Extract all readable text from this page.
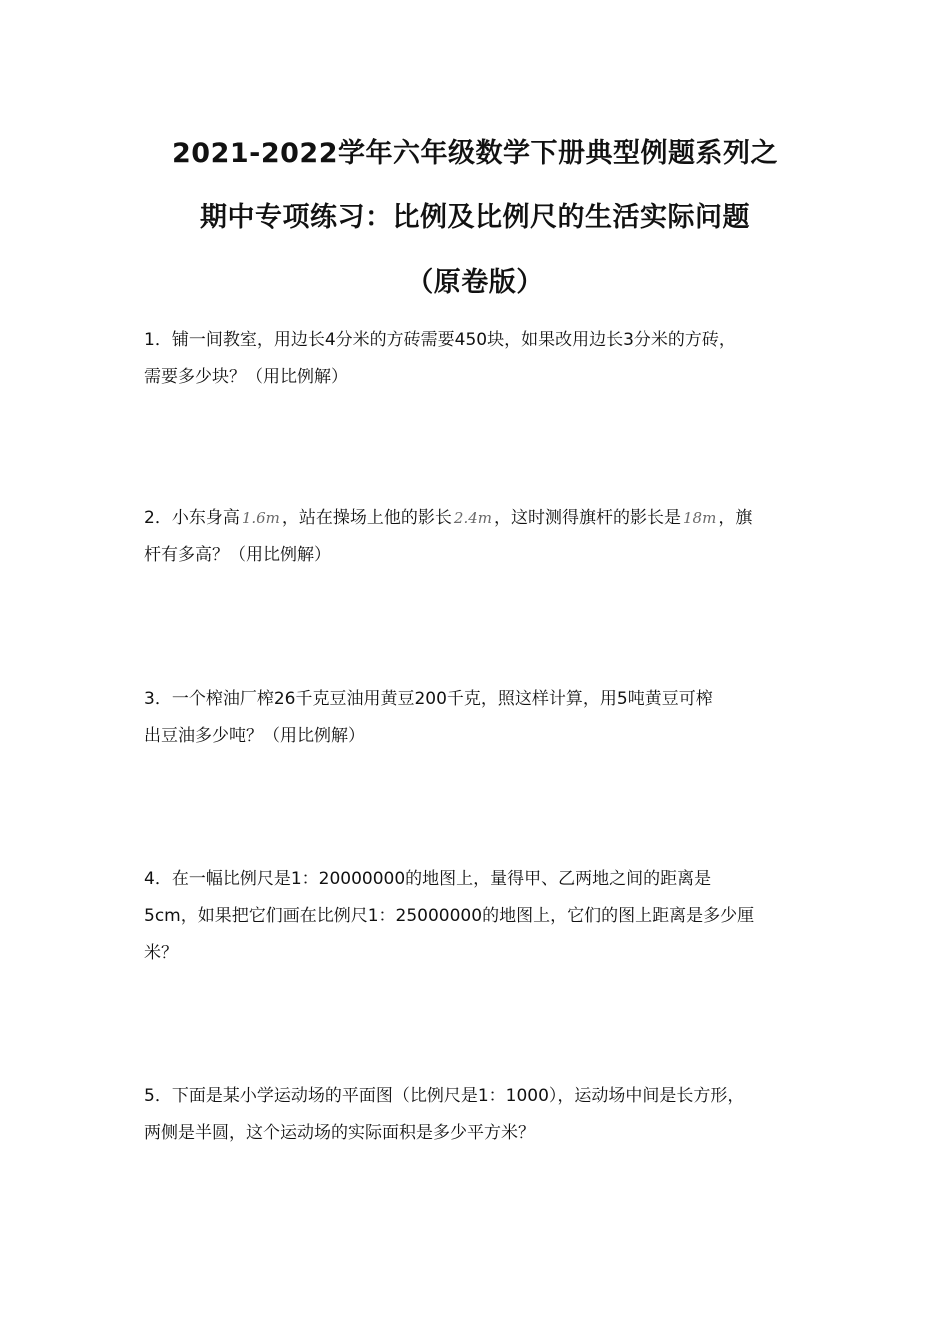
2021-2022学年六年级数学下册典型例题系列之
期中专项练习：比例及比例尺的生活实际问题
（原卷版）
1．铺一间教室，用边长4分米的方砖需要450块，如果改用边长3分米的方砖，
需要多少块？（用比例解）
2．小东身高 1.6m ，站在操场上他的影长 2.4m ，这时测得旗杆的影长是 18m ，旗
杆有多高？（用比例解）
3．一个榨油厂榨26千克豆油用黄豆200千克，照这样计算，用5吨黄豆可榨
出豆油多少吨？（用比例解）
4．在一幅比例尺是1：20000000的地图上，量得甲、乙两地之间的距离是
5cm，如果把它们画在比例尺1：25000000的地图上，它们的图上距离是多少厘
米？
5．下面是某小学运动场的平面图（比例尺是1：1000），运动场中间是长方形，
两侧是半圆，这个运动场的实际面积是多少平方米？
